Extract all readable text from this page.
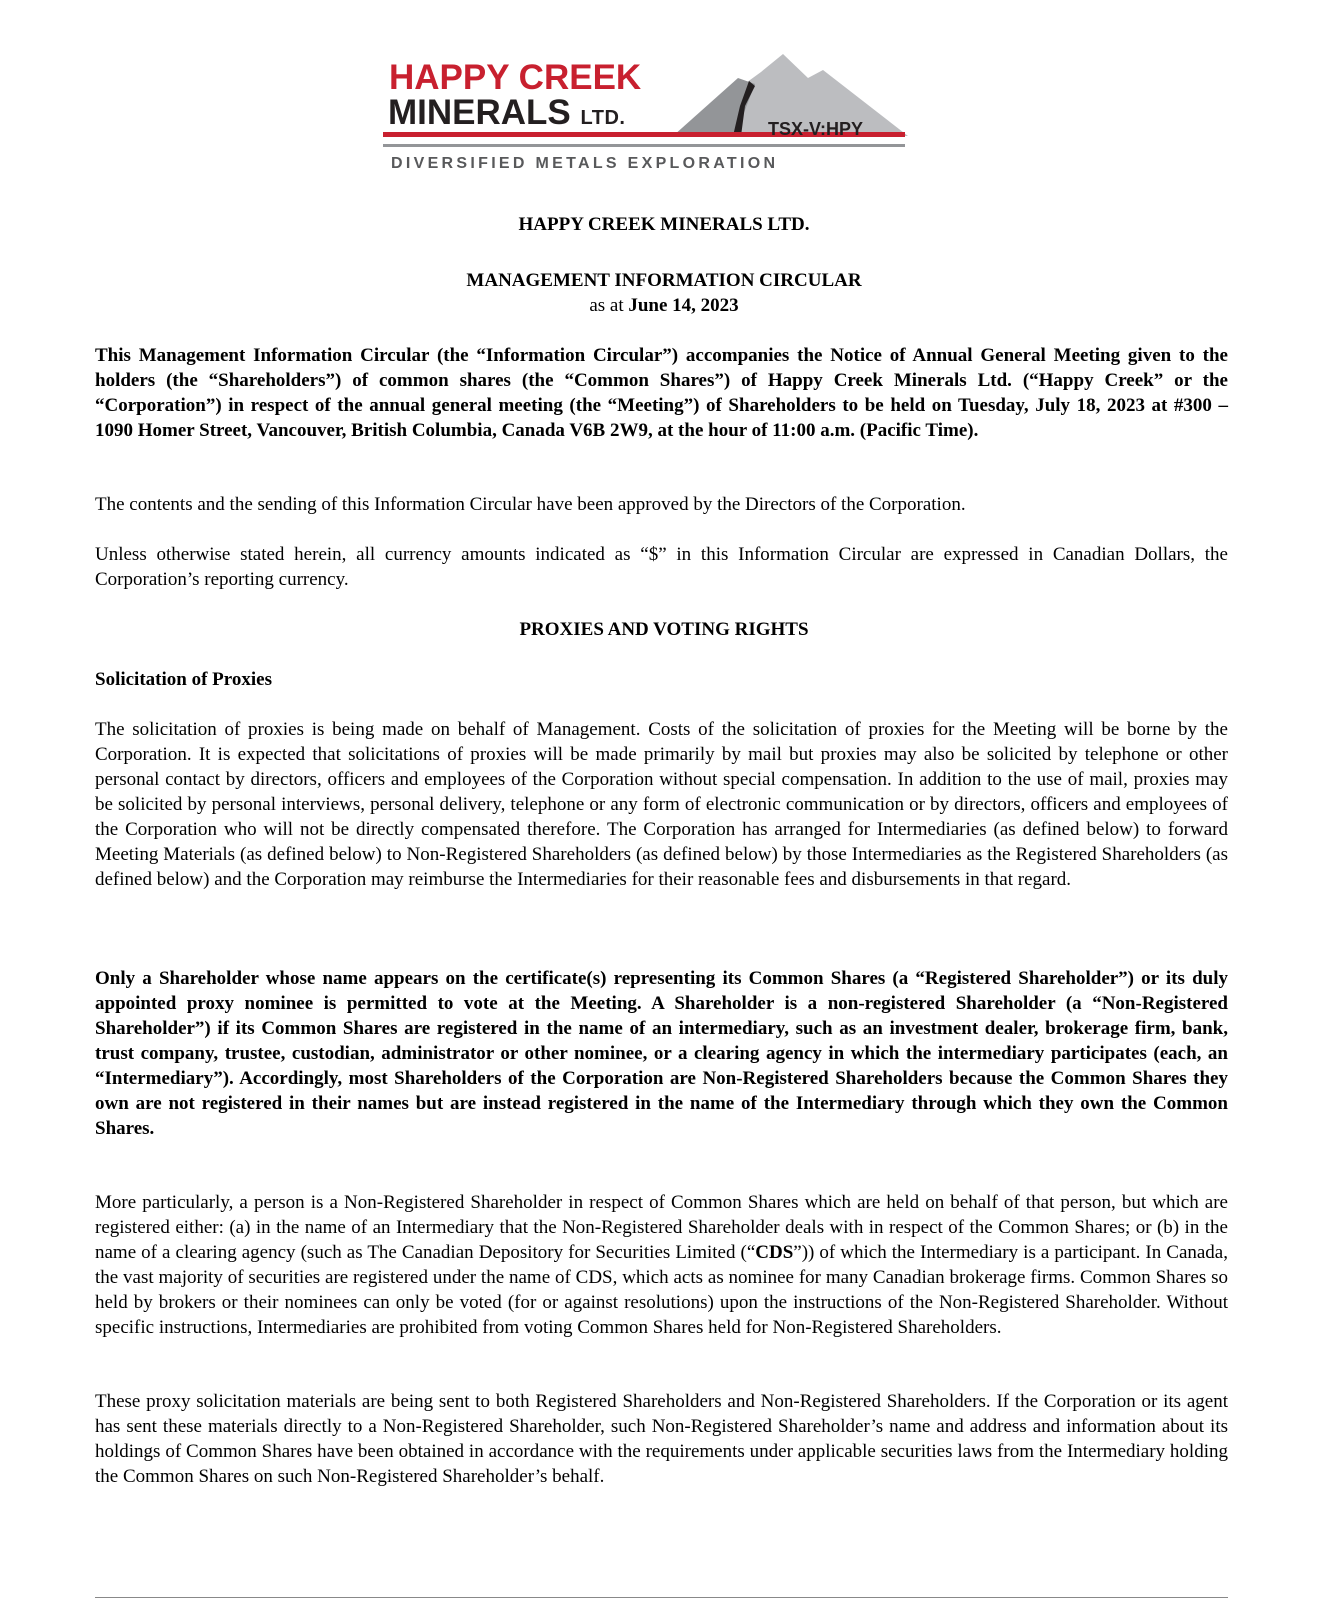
HAPPY CREEK
MINERALS LTD.	TSX-V:HPY
DIVERSIFIED METALS EXPLORATION
HAPPY CREEK MINERALS LTD.
MANAGEMENT INFORMATION CIRCULAR
as at June 14, 2023
This Management Information Circular (the “Information Circular”) accompanies the Notice of Annual General Meeting given to the holders (the “Shareholders”) of common shares (the “Common Shares”) of Happy Creek Minerals Ltd. (“Happy Creek” or the “Corporation”) in respect of the annual general meeting (the “Meeting”) of Shareholders to be held on Tuesday, July 18, 2023 at #300 – 1090 Homer Street, Vancouver, British Columbia, Canada V6B 2W9, at the hour of 11:00 a.m. (Pacific Time).
The contents and the sending of this Information Circular have been approved by the Directors of the Corporation.
Unless otherwise stated herein, all currency amounts indicated as “$” in this Information Circular are expressed in Canadian Dollars, the Corporation’s reporting currency.
PROXIES AND VOTING RIGHTS
Solicitation of Proxies
The solicitation of proxies is being made on behalf of Management. Costs of the solicitation of proxies for the Meeting will be borne by the Corporation. It is expected that solicitations of proxies will be made primarily by mail but proxies may also be solicited by telephone or other personal contact by directors, officers and employees of the Corporation without special compensation. In addition to the use of mail, proxies may be solicited by personal interviews, personal delivery, telephone or any form of electronic communication or by directors, officers and employees of the Corporation who will not be directly compensated therefore. The Corporation has arranged for Intermediaries (as defined below) to forward Meeting Materials (as defined below) to Non-Registered Shareholders (as defined below) by those Intermediaries as the Registered Shareholders (as defined below) and the Corporation may reimburse the Intermediaries for their reasonable fees and disbursements in that regard.
Only a Shareholder whose name appears on the certificate(s) representing its Common Shares (a “Registered Shareholder”) or its duly appointed proxy nominee is permitted to vote at the Meeting. A Shareholder is a non-registered Shareholder (a “Non-Registered Shareholder”) if its Common Shares are registered in the name of an intermediary, such as an investment dealer, brokerage firm, bank, trust company, trustee, custodian, administrator or other nominee, or a clearing agency in which the intermediary participates (each, an “Intermediary”). Accordingly, most Shareholders of the Corporation are Non-Registered Shareholders because the Common Shares they own are not registered in their names but are instead registered in the name of the Intermediary through which they own the Common Shares.
More particularly, a person is a Non-Registered Shareholder in respect of Common Shares which are held on behalf of that person, but which are registered either: (a) in the name of an Intermediary that the Non-Registered Shareholder deals with in respect of the Common Shares; or (b) in the name of a clearing agency (such as The Canadian Depository for Securities Limited (“CDS”)) of which the Intermediary is a participant. In Canada, the vast majority of securities are registered under the name of CDS, which acts as nominee for many Canadian brokerage firms. Common Shares so held by brokers or their nominees can only be voted (for or against resolutions) upon the instructions of the Non-Registered Shareholder. Without specific instructions, Intermediaries are prohibited from voting Common Shares held for Non-Registered Shareholders.
These proxy solicitation materials are being sent to both Registered Shareholders and Non-Registered Shareholders. If the Corporation or its agent has sent these materials directly to a Non-Registered Shareholder, such Non-Registered Shareholder’s name and address and information about its holdings of Common Shares have been obtained in accordance with the requirements under applicable securities laws from the Intermediary holding the Common Shares on such Non-Registered Shareholder’s behalf.
